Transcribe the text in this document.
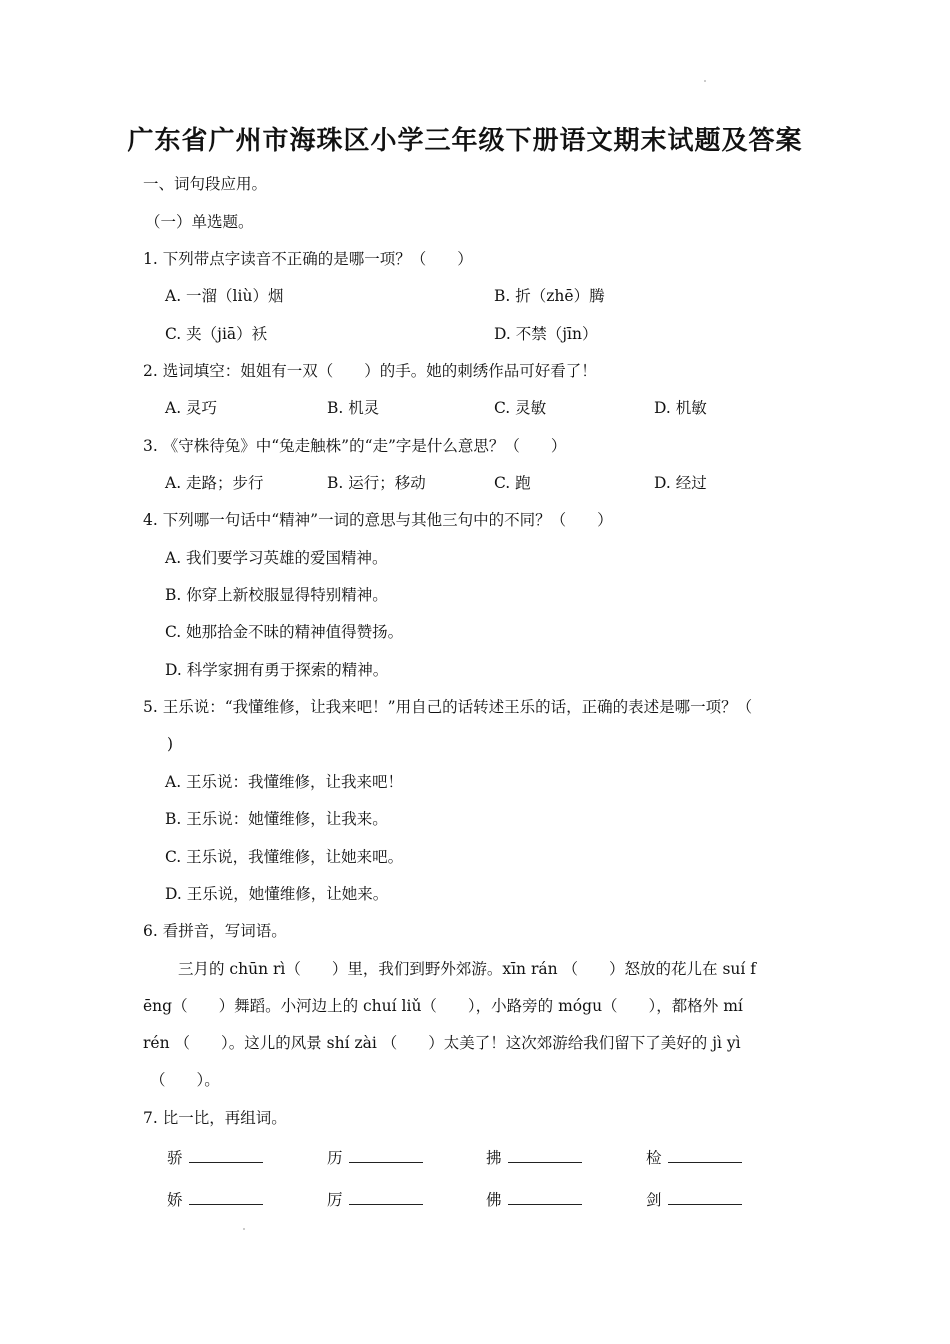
广东省广州市海珠区小学三年级下册语文期末试题及答案
一、词句段应用。
（一）单选题。
1. 下列带点字读音不正确的是哪一项？（　　）
A. 一溜（liù）烟	B. 折（zhē）腾
C. 夹（jiā）袄	D. 不禁（jīn）
2. 选词填空：姐姐有一双（　　）的手。她的刺绣作品可好看了！
A. 灵巧	B. 机灵	C. 灵敏	D. 机敏
3. 《守株待兔》中“兔走触株”的“走”字是什么意思？（　　）
A. 走路；步行	B. 运行；移动	C. 跑	D. 经过
4. 下列哪一句话中“精神”一词的意思与其他三句中的不同？（　　）
A. 我们要学习英雄的爱国精神。
B. 你穿上新校服显得特别精神。
C. 她那拾金不昧的精神值得赞扬。
D. 科学家拥有勇于探索的精神。
5. 王乐说：“我懂维修，让我来吧！”用自己的话转述王乐的话，正确的表述是哪一项？（
)
A. 王乐说：我懂维修，让我来吧！
B. 王乐说：她懂维修，让我来。
C. 王乐说，我懂维修，让她来吧。
D. 王乐说，她懂维修，让她来。
6. 看拼音，写词语。
三月的 chūn rì（　　）里，我们到野外郊游。xīn rán （　　）怒放的花儿在 suí f
ēng（　　）舞蹈。小河边上的 chuí liǔ（　　），小路旁的 mógu（　　），都格外 mí
rén （　　）。这儿的风景 shí zài （　　）太美了！这次郊游给我们留下了美好的 jì yì
（　　）。
7. 比一比，再组词。
骄	历	拂	检
娇	厉	佛	剑
